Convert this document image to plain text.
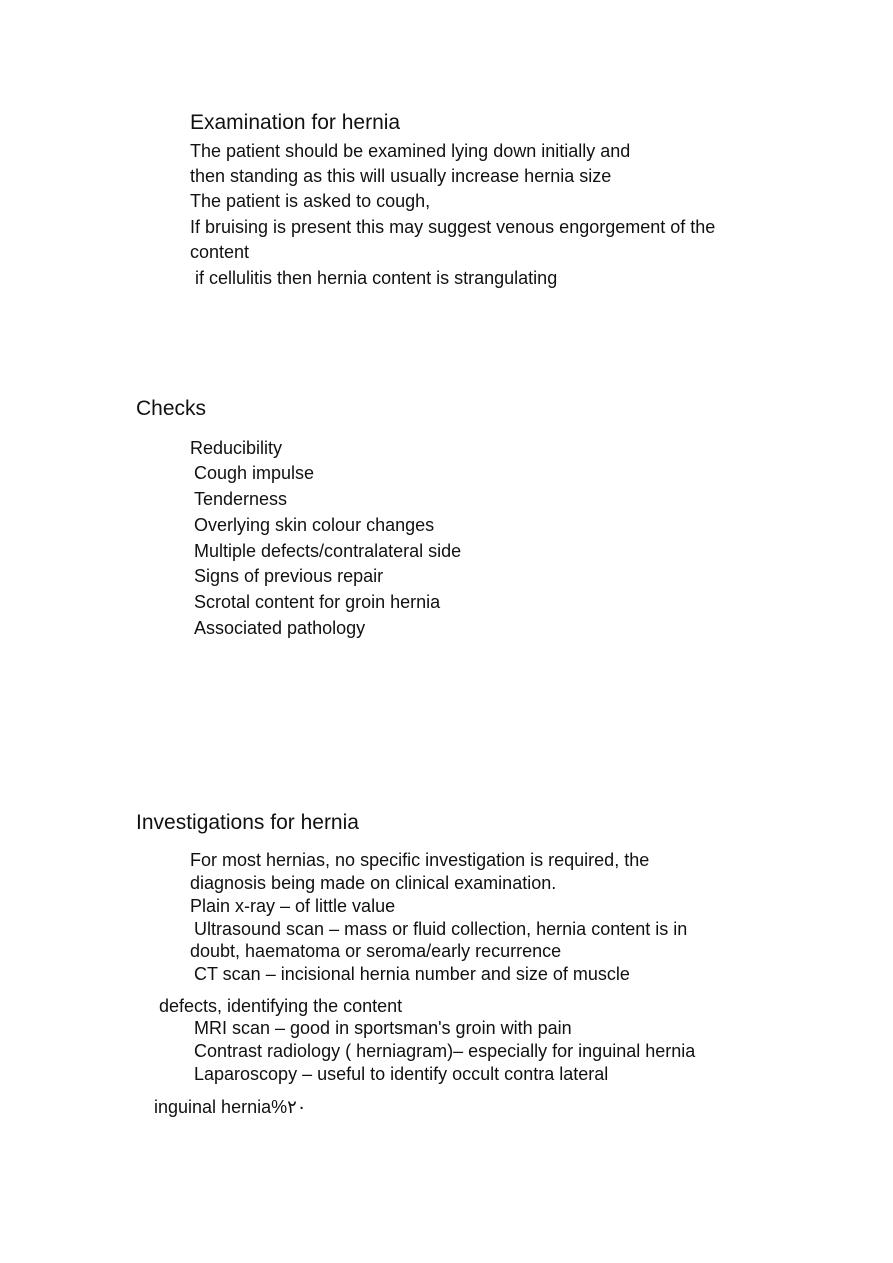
Examination for hernia
The patient should be examined lying down initially and
then standing as this will usually increase hernia size
The patient is asked to cough,
If bruising is present this may suggest venous engorgement of the
content
if cellulitis then hernia content is strangulating
Checks
Reducibility
Cough impulse
Tenderness
Overlying skin colour changes
Multiple defects/contralateral side
Signs of previous repair
Scrotal content for groin hernia
Associated pathology
Investigations for hernia
For most hernias, no specific investigation is required, the
diagnosis being made on clinical examination.
Plain x-ray – of little value
Ultrasound scan – mass or fluid collection, hernia content is in
doubt, haematoma or seroma/early recurrence
CT scan – incisional hernia number and size of muscle
defects, identifying the content
MRI scan – good in sportsman's groin with pain
Contrast radiology ( herniagram)– especially for inguinal hernia
Laparoscopy – useful to identify occult contra lateral
inguinal hernia%٢٠
